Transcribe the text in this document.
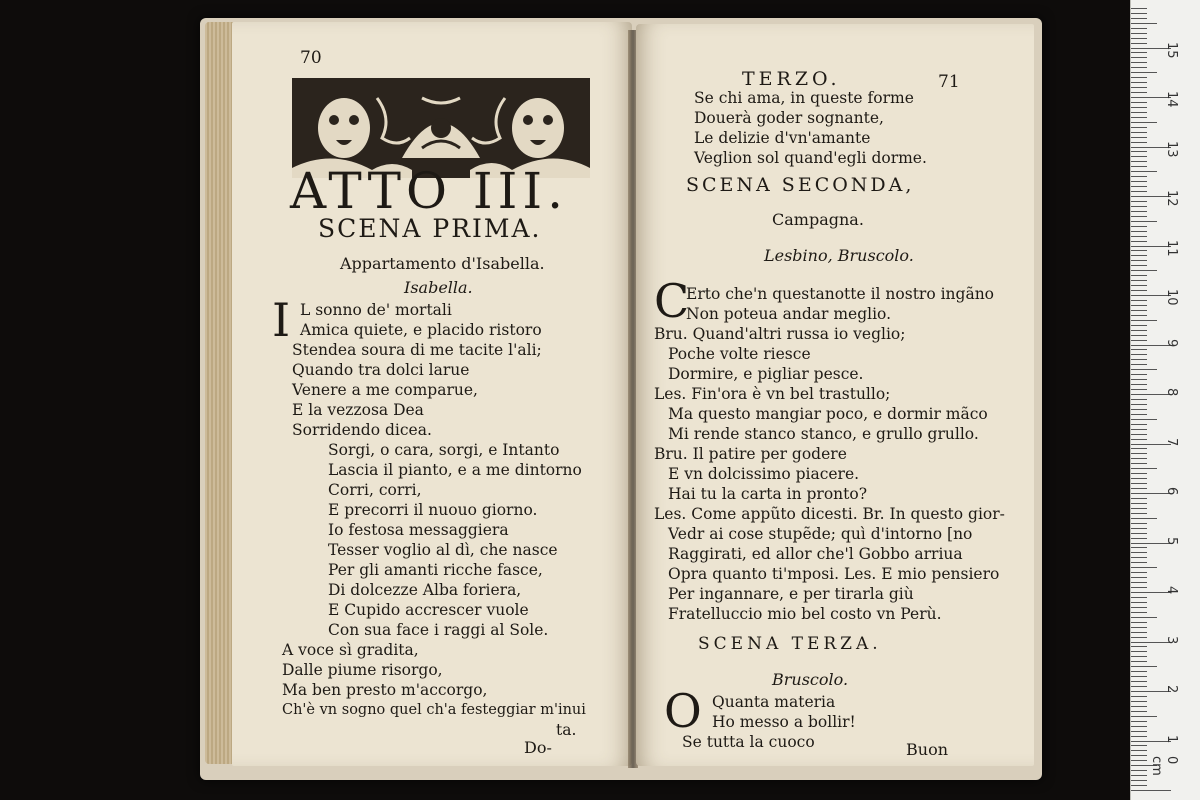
70
ATTO III.
SCENA PRIMA.
Appartamento d'Isabella.
Isabella.
I L sonno de' mortali
Amica quiete, e placido ristoro
Stendea soura di me tacite l'ali;
Quando tra dolci larue
Venere a me comparue,
E la vezzosa Dea
Sorridendo dicea.
Sorgi, o cara, sorgi, e Intanto
Lascia il pianto, e a me dintorno
Corri, corri,
E precorri il nuouo giorno.
Io festosa messaggiera
Tesser voglio al dì, che nasce
Per gli amanti ricche fasce,
Di dolcezze Alba foriera,
E Cupido accrescer vuole
Con sua face i raggi al Sole.
A voce sì gradita,
Dalle piume risorgo,
Ma ben presto m'accorgo,
Ch'è vn sogno quel ch'a festeggiar m'inui
ta.
Do-
TERZO.	71
Se chi ama, in queste forme
Douerà goder sognante,
Le delizie d'vn'amante
Veglion sol quand'egli dorme.
SCENA SECONDA,
Campagna.
Lesbino, Bruscolo.
C
Erto che'n questanotte il nostro ingãno
Non poteua andar meglio.
Bru. Quand'altri russa io veglio;
Poche volte riesce
Dormire, e pigliar pesce.
Les. Fin'ora è vn bel trastullo;
Ma questo mangiar poco, e dormir mãco
Mi rende stanco stanco, e grullo grullo.
Bru. Il patire per godere
E vn dolcissimo piacere.
Hai tu la carta in pronto?
Les. Come appũto dicesti. Br. In questo gior-
Vedr ai cose stupẽde; quì d'intorno [no
Raggirati, ed allor che'l Gobbo arriua
Opra quanto ti'mposi. Les. E mio pensiero
Per ingannare, e per tirarla giù
Fratelluccio mio bel costo vn Perù.
SCENA TERZA.
Bruscolo.
O Quanta materia
Ho messo a bollir!
Se tutta la cuoco	Buon
0 cm
1
2
3
4
5
6
7
8
9
10
11
12
13
14
15
